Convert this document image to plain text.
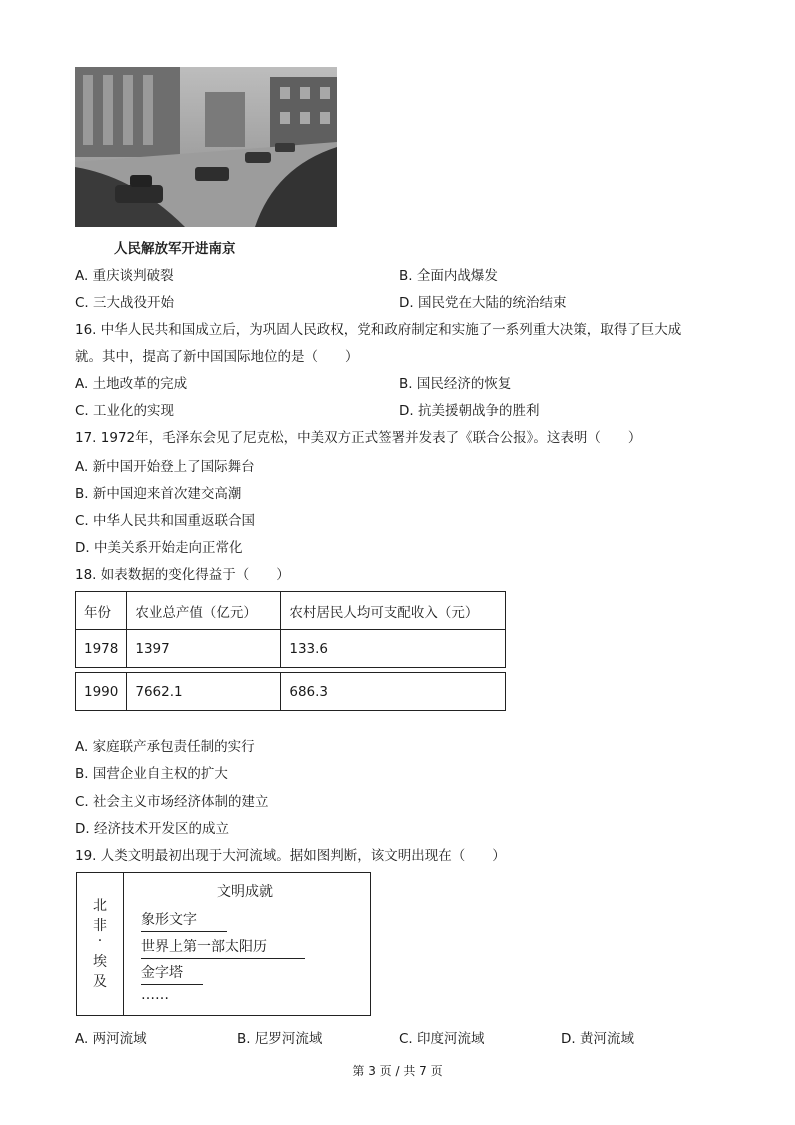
人民解放军开进南京
A. 重庆谈判破裂	B. 全面内战爆发
C. 三大战役开始	D. 国民党在大陆的统治结束
16. 中华人民共和国成立后，为巩固人民政权，党和政府制定和实施了一系列重大决策，取得了巨大成
就。其中，提高了新中国国际地位的是（　　）
A. 土地改革的完成	B. 国民经济的恢复
C. 工业化的实现	D. 抗美援朝战争的胜利
17. 1972年，毛泽东会见了尼克松，中美双方正式签署并发表了《联合公报》。这表明（　　）
A. 新中国开始登上了国际舞台
B. 新中国迎来首次建交高潮
C. 中华人民共和国重返联合国
D. 中美关系开始走向正常化
18. 如表数据的变化得益于（　　）
年份	农业总产值（亿元）	农村居民人均可支配收入（元）
1978	1397	133.6
1990	7662.1	686.3
A. 家庭联产承包责任制的实行
B. 国营企业自主权的扩大
C. 社会主义市场经济体制的建立
D. 经济技术开发区的成立
19. 人类文明最初出现于大河流域。据如图判断，该文明出现在（　　）
北
非
·
埃
及
文明成就
象形文字
世界上第一部太阳历
金字塔
……
A. 两河流域	B. 尼罗河流域	C. 印度河流域	D. 黄河流域
第 3 页 / 共 7 页
